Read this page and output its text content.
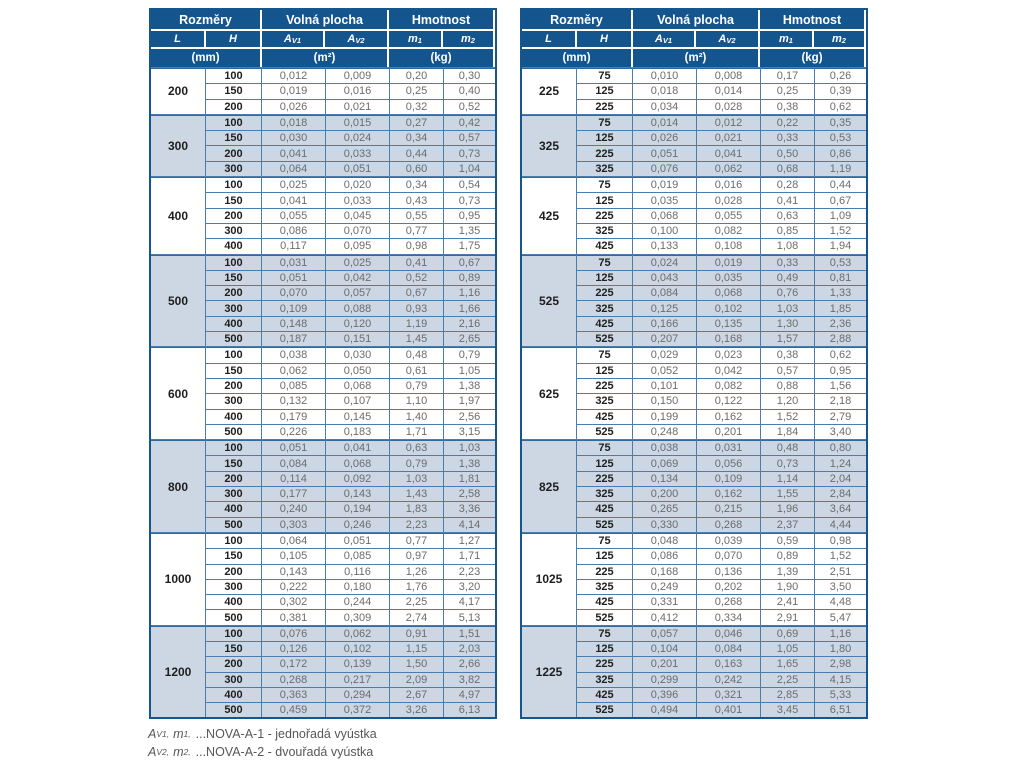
Rozměry	Volná plocha	Hmotnost
L	H	A V1	A V2	m 1	m 2
(mm)	(m²)	(kg)
200
100	0,012	0,009	0,20	0,30
150	0,019	0,016	0,25	0,40
200	0,026	0,021	0,32	0,52
300
100	0,018	0,015	0,27	0,42
150	0,030	0,024	0,34	0,57
200	0,041	0,033	0,44	0,73
300	0,064	0,051	0,60	1,04
400
100	0,025	0,020	0,34	0,54
150	0,041	0,033	0,43	0,73
200	0,055	0,045	0,55	0,95
300	0,086	0,070	0,77	1,35
400	0,117	0,095	0,98	1,75
500
100	0,031	0,025	0,41	0,67
150	0,051	0,042	0,52	0,89
200	0,070	0,057	0,67	1,16
300	0,109	0,088	0,93	1,66
400	0,148	0,120	1,19	2,16
500	0,187	0,151	1,45	2,65
600
100	0,038	0,030	0,48	0,79
150	0,062	0,050	0,61	1,05
200	0,085	0,068	0,79	1,38
300	0,132	0,107	1,10	1,97
400	0,179	0,145	1,40	2,56
500	0,226	0,183	1,71	3,15
800
100	0,051	0,041	0,63	1,03
150	0,084	0,068	0,79	1,38
200	0,114	0,092	1,03	1,81
300	0,177	0,143	1,43	2,58
400	0,240	0,194	1,83	3,36
500	0,303	0,246	2,23	4,14
1000
100	0,064	0,051	0,77	1,27
150	0,105	0,085	0,97	1,71
200	0,143	0,116	1,26	2,23
300	0,222	0,180	1,76	3,20
400	0,302	0,244	2,25	4,17
500	0,381	0,309	2,74	5,13
1200
100	0,076	0,062	0,91	1,51
150	0,126	0,102	1,15	2,03
200	0,172	0,139	1,50	2,66
300	0,268	0,217	2,09	3,82
400	0,363	0,294	2,67	4,97
500	0,459	0,372	3,26	6,13
Rozměry	Volná plocha	Hmotnost
L	H	A V1	A V2	m 1	m 2
(mm)	(m²)	(kg)
225
75	0,010	0,008	0,17	0,26
125	0,018	0,014	0,25	0,39
225	0,034	0,028	0,38	0,62
325
75	0,014	0,012	0,22	0,35
125	0,026	0,021	0,33	0,53
225	0,051	0,041	0,50	0,86
325	0,076	0,062	0,68	1,19
425
75	0,019	0,016	0,28	0,44
125	0,035	0,028	0,41	0,67
225	0,068	0,055	0,63	1,09
325	0,100	0,082	0,85	1,52
425	0,133	0,108	1,08	1,94
525
75	0,024	0,019	0,33	0,53
125	0,043	0,035	0,49	0,81
225	0,084	0,068	0,76	1,33
325	0,125	0,102	1,03	1,85
425	0,166	0,135	1,30	2,36
525	0,207	0,168	1,57	2,88
625
75	0,029	0,023	0,38	0,62
125	0,052	0,042	0,57	0,95
225	0,101	0,082	0,88	1,56
325	0,150	0,122	1,20	2,18
425	0,199	0,162	1,52	2,79
525	0,248	0,201	1,84	3,40
825
75	0,038	0,031	0,48	0,80
125	0,069	0,056	0,73	1,24
225	0,134	0,109	1,14	2,04
325	0,200	0,162	1,55	2,84
425	0,265	0,215	1,96	3,64
525	0,330	0,268	2,37	4,44
1025
75	0,048	0,039	0,59	0,98
125	0,086	0,070	0,89	1,52
225	0,168	0,136	1,39	2,51
325	0,249	0,202	1,90	3,50
425	0,331	0,268	2,41	4,48
525	0,412	0,334	2,91	5,47
1225
75	0,057	0,046	0,69	1,16
125	0,104	0,084	1,05	1,80
225	0,201	0,163	1,65	2,98
325	0,299	0,242	2,25	4,15
425	0,396	0,321	2,85	5,33
525	0,494	0,401	3,45	6,51
A V1, m 1, ...NOVA-A-1 - jednořadá vyústka
A V2, m 2, ...NOVA-A-2 - dvouřadá vyústka
